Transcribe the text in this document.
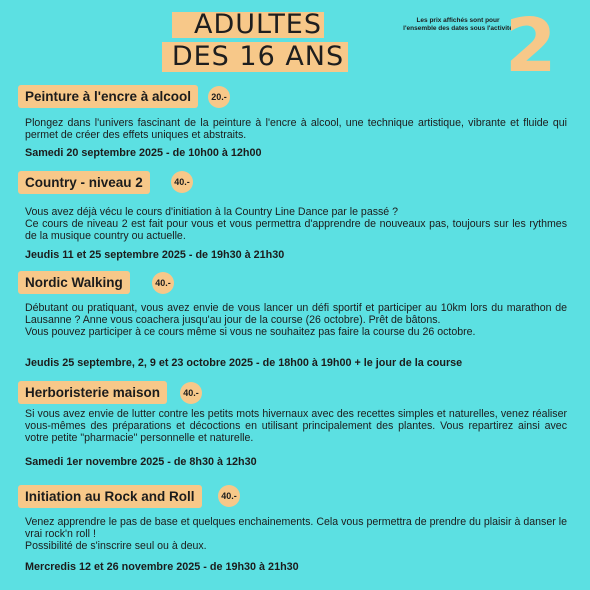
ADULTES
DES 16 ANS
Les prix affichés sont pour l'ensemble des dates sous l'activité
2
Peinture à l'encre à alcool	20.-

Plongez dans l'univers fascinant de la peinture à l'encre à alcool, une technique artistique, vibrante et fluide qui permet de créer des effets uniques et abstraits.

Samedi 20 septembre 2025 - de 10h00 à 12h00
Country - niveau 2	40.-

Vous avez déjà vécu le cours d'initiation à la Country Line Dance par le passé ?

Ce cours de niveau 2 est fait pour vous et vous permettra d'apprendre de nouveaux pas, toujours sur les rythmes de la musique country ou actuelle.

Jeudis 11 et 25 septembre 2025 - de 19h30 à 21h30
Nordic Walking	40.-

Débutant ou pratiquant, vous avez envie de vous lancer un défi sportif et participer au 10km lors du marathon de Lausanne ? Anne vous coachera jusqu'au jour de la course (26 octobre). Prêt de bâtons.

Vous pouvez participer à ce cours même si vous ne souhaitez pas faire la course du 26 octobre.

Jeudis 25 septembre, 2, 9 et 23 octobre 2025 - de 18h00 à 19h00 + le jour de la course
Herboristerie maison	40.-

Si vous avez envie de lutter contre les petits mots hivernaux avec des recettes simples et naturelles, venez réaliser vous-mêmes des préparations et décoctions en utilisant principalement des plantes. Vous repartirez ainsi avec votre petite "pharmacie" personnelle et naturelle.

Samedi 1er novembre 2025 - de 8h30 à 12h30
Initiation au Rock and Roll	40.-

Venez apprendre le pas de base et quelques enchainements. Cela vous permettra de prendre du plaisir à danser le vrai rock'n roll !

Possibilité de s'inscrire seul ou à deux.

Mercredis 12 et 26 novembre 2025 - de 19h30 à 21h30
